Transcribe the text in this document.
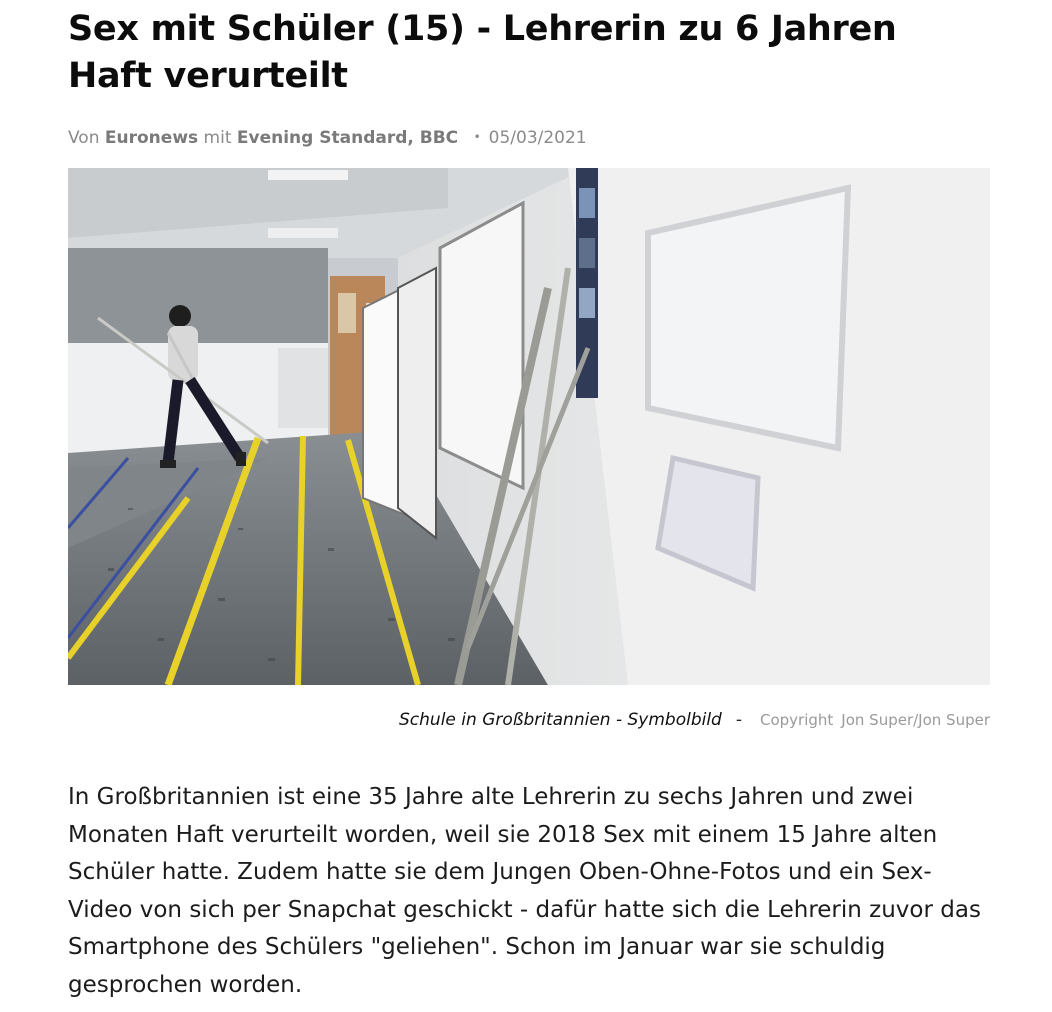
Sex mit Schüler (15) - Lehrerin zu 6 Jahren Haft verurteilt
Von Euronews mit Evening Standard, BBC • 05/03/2021
Schule in Großbritannien - Symbolbild - Copyright Jon Super/Jon Super

In Großbritannien ist eine 35 Jahre alte Lehrerin zu sechs Jahren und zwei Monaten Haft verurteilt worden, weil sie 2018 Sex mit einem 15 Jahre alten Schüler hatte. Zudem hatte sie dem Jungen Oben-Ohne-Fotos und ein Sex-Video von sich per Snapchat geschickt - dafür hatte sich die Lehrerin zuvor das Smartphone des Schülers "geliehen". Schon im Januar war sie schuldig gesprochen worden.
